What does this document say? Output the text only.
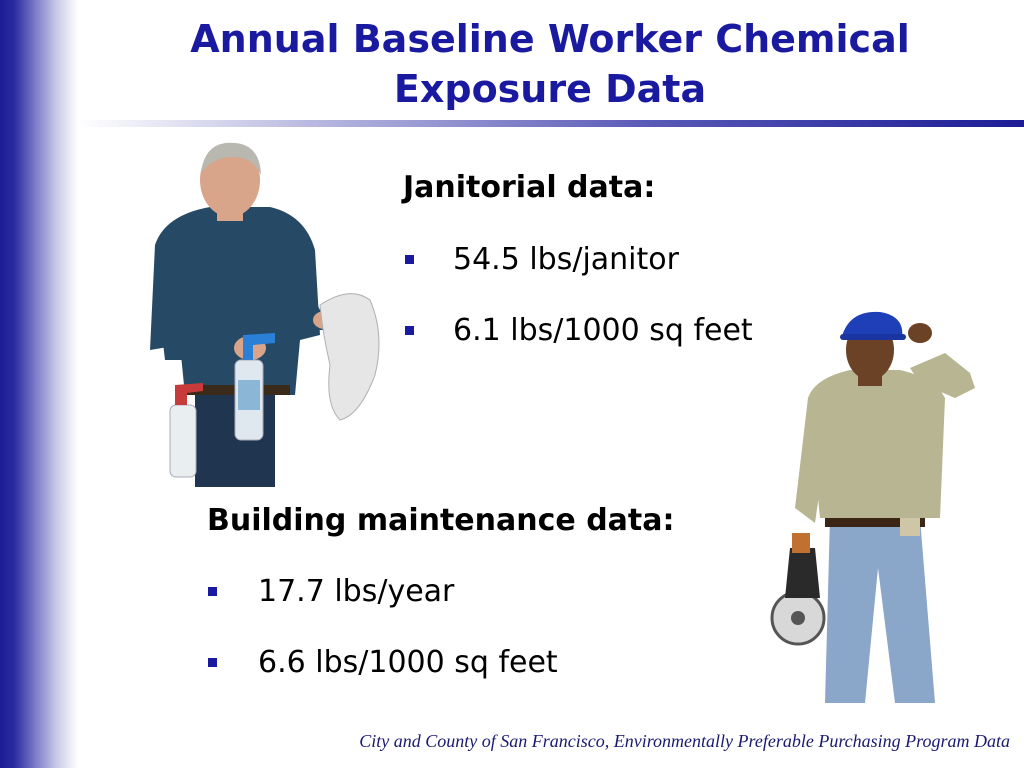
Annual Baseline Worker Chemical
Exposure Data
Janitorial data:
54.5 lbs/janitor
6.1 lbs/1000 sq feet
Building maintenance data:
17.7 lbs/year
6.6 lbs/1000 sq feet
City and County of San Francisco, Environmentally Preferable Purchasing Program Data
